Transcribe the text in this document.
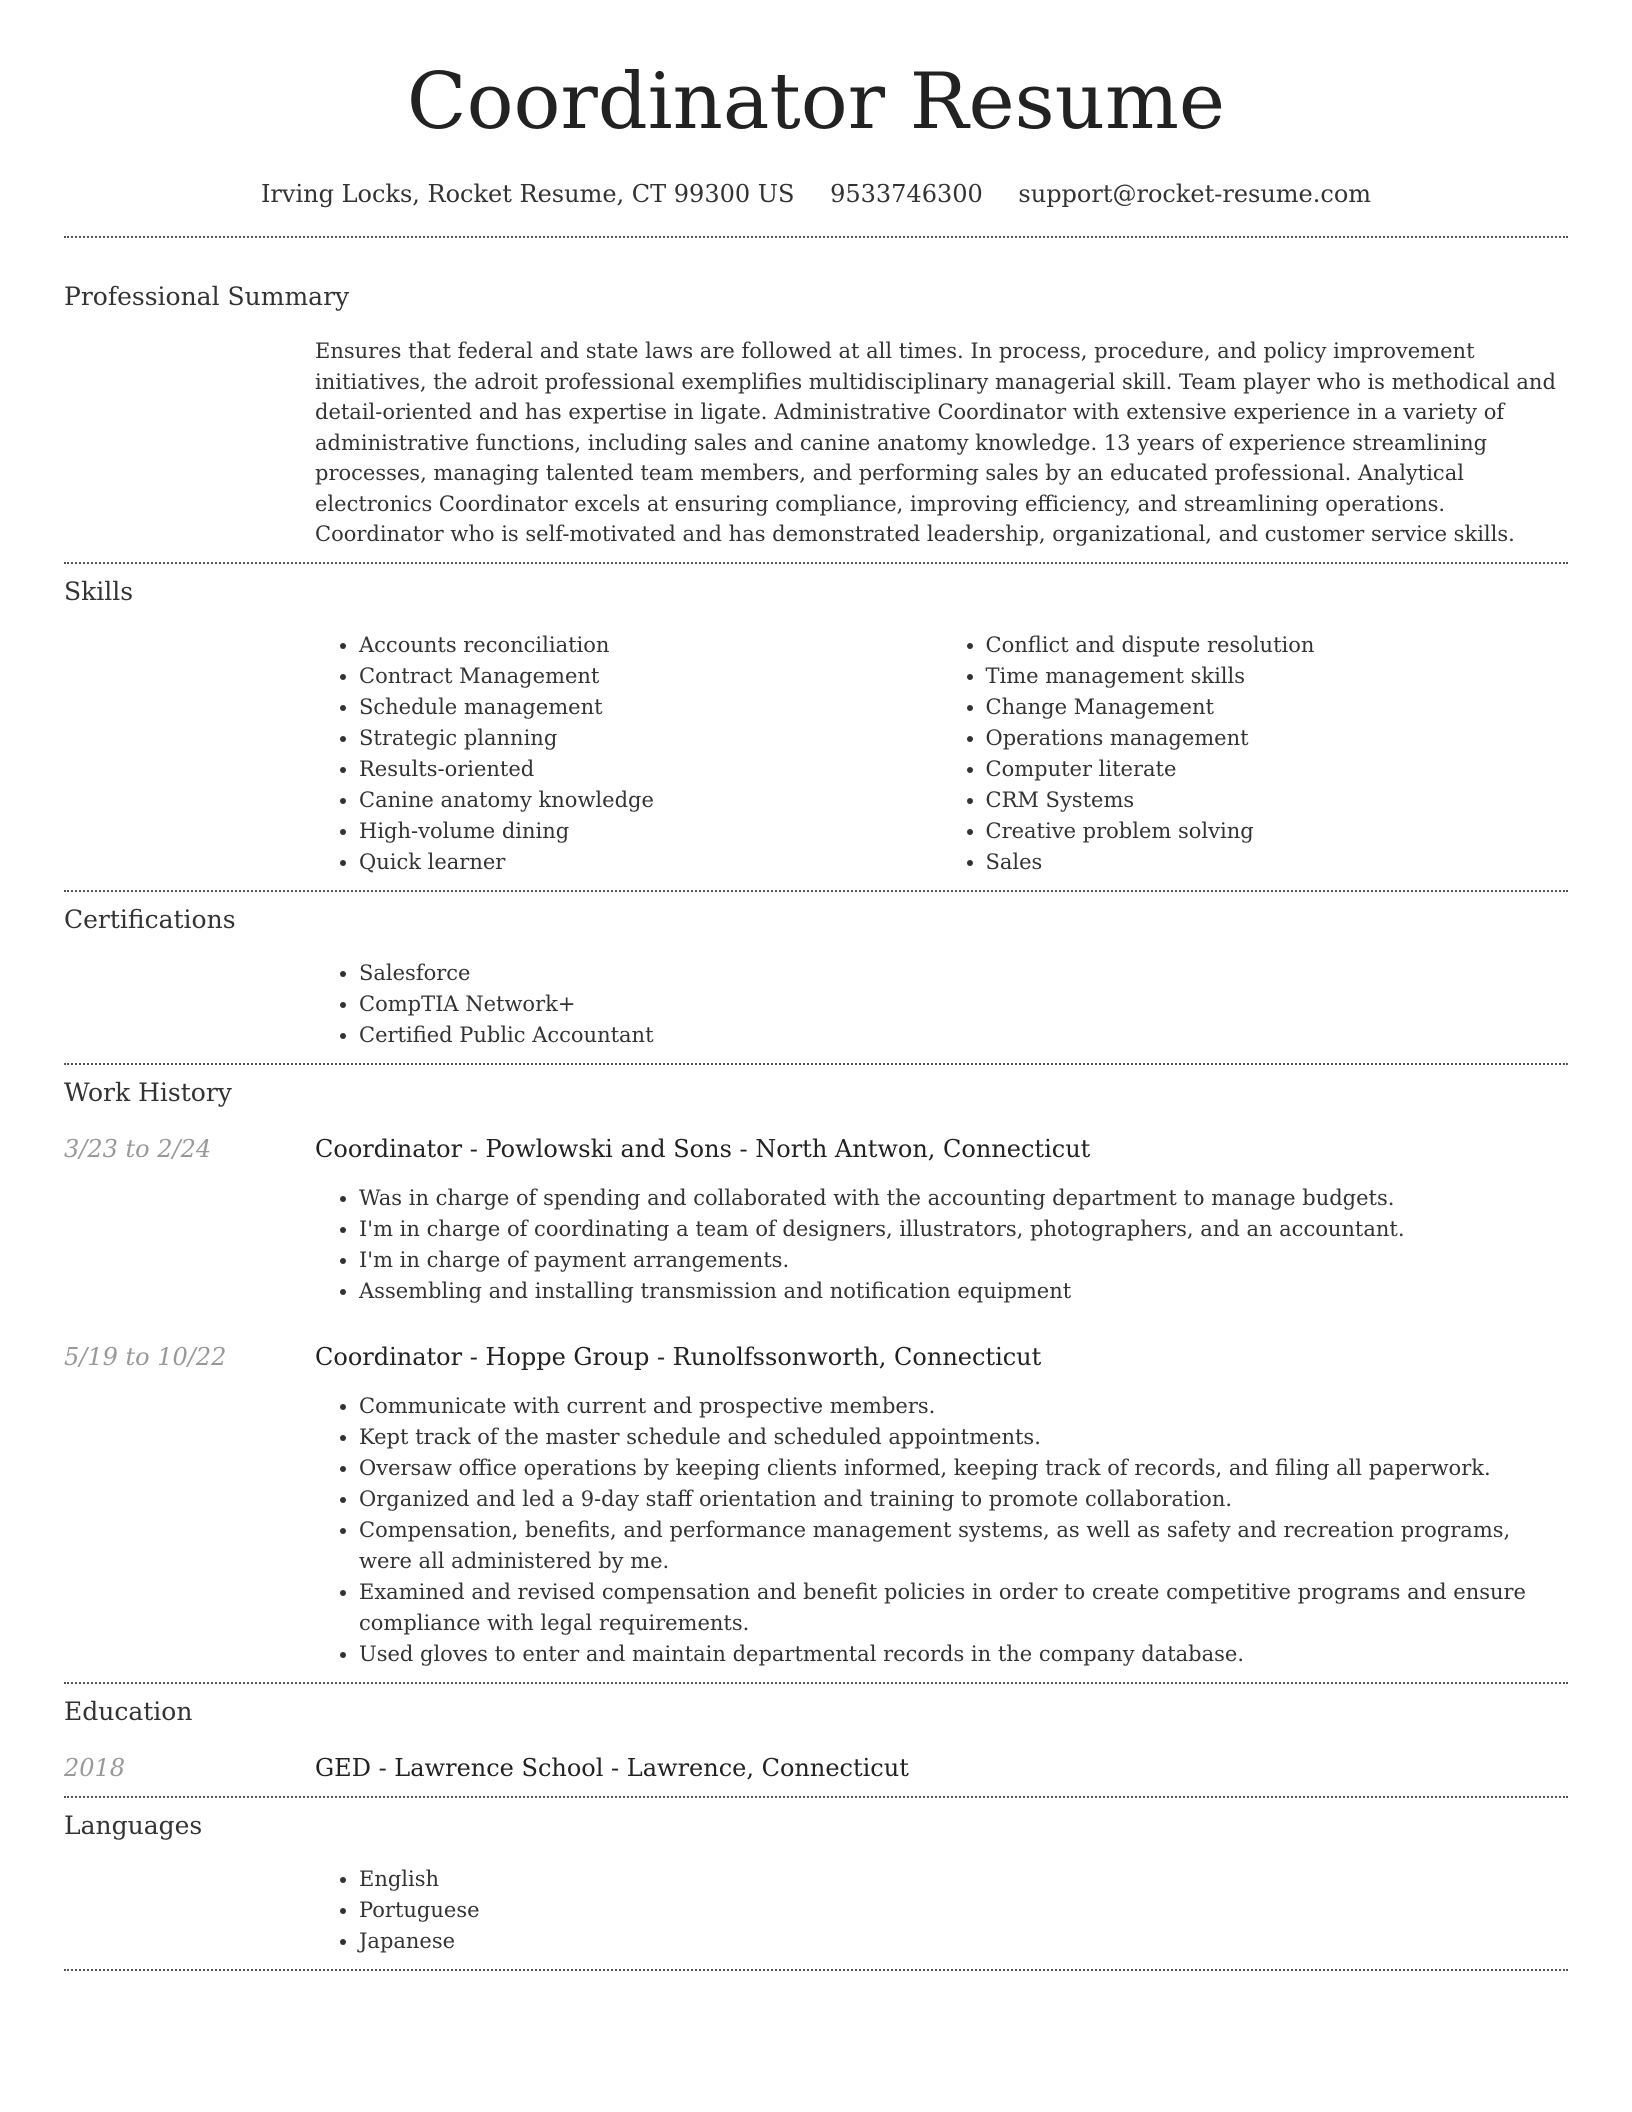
Coordinator Resume
Irving Locks, Rocket Resume, CT 99300 US 9533746300 support@rocket-resume.com
Professional Summary
Ensures that federal and state laws are followed at all times. In process, procedure, and policy improvement initiatives, the adroit professional exemplifies multidisciplinary managerial skill. Team player who is methodical and detail-oriented and has expertise in ligate. Administrative Coordinator with extensive experience in a variety of administrative functions, including sales and canine anatomy knowledge. 13 years of experience streamlining processes, managing talented team members, and performing sales by an educated professional. Analytical electronics Coordinator excels at ensuring compliance, improving efficiency, and streamlining operations. Coordinator who is self-motivated and has demonstrated leadership, organizational, and customer service skills.
Skills
• Accounts reconciliation
• Contract Management
• Schedule management
• Strategic planning
• Results-oriented
• Canine anatomy knowledge
• High-volume dining
• Quick learner
• Conflict and dispute resolution
• Time management skills
• Change Management
• Operations management
• Computer literate
• CRM Systems
• Creative problem solving
• Sales
Certifications
• Salesforce
• CompTIA Network+
• Certified Public Accountant
Work History
3/23 to 2/24	Coordinator - Powlowski and Sons - North Antwon, Connecticut
• Was in charge of spending and collaborated with the accounting department to manage budgets.
• I'm in charge of coordinating a team of designers, illustrators, photographers, and an accountant.
• I'm in charge of payment arrangements.
• Assembling and installing transmission and notification equipment
5/19 to 10/22	Coordinator - Hoppe Group - Runolfssonworth, Connecticut
• Communicate with current and prospective members.
• Kept track of the master schedule and scheduled appointments.
• Oversaw office operations by keeping clients informed, keeping track of records, and filing all paperwork.
• Organized and led a 9-day staff orientation and training to promote collaboration.
• Compensation, benefits, and performance management systems, as well as safety and recreation programs, were all administered by me.
• Examined and revised compensation and benefit policies in order to create competitive programs and ensure compliance with legal requirements.
• Used gloves to enter and maintain departmental records in the company database.
Education
2018	GED - Lawrence School - Lawrence, Connecticut
Languages
• English
• Portuguese
• Japanese
